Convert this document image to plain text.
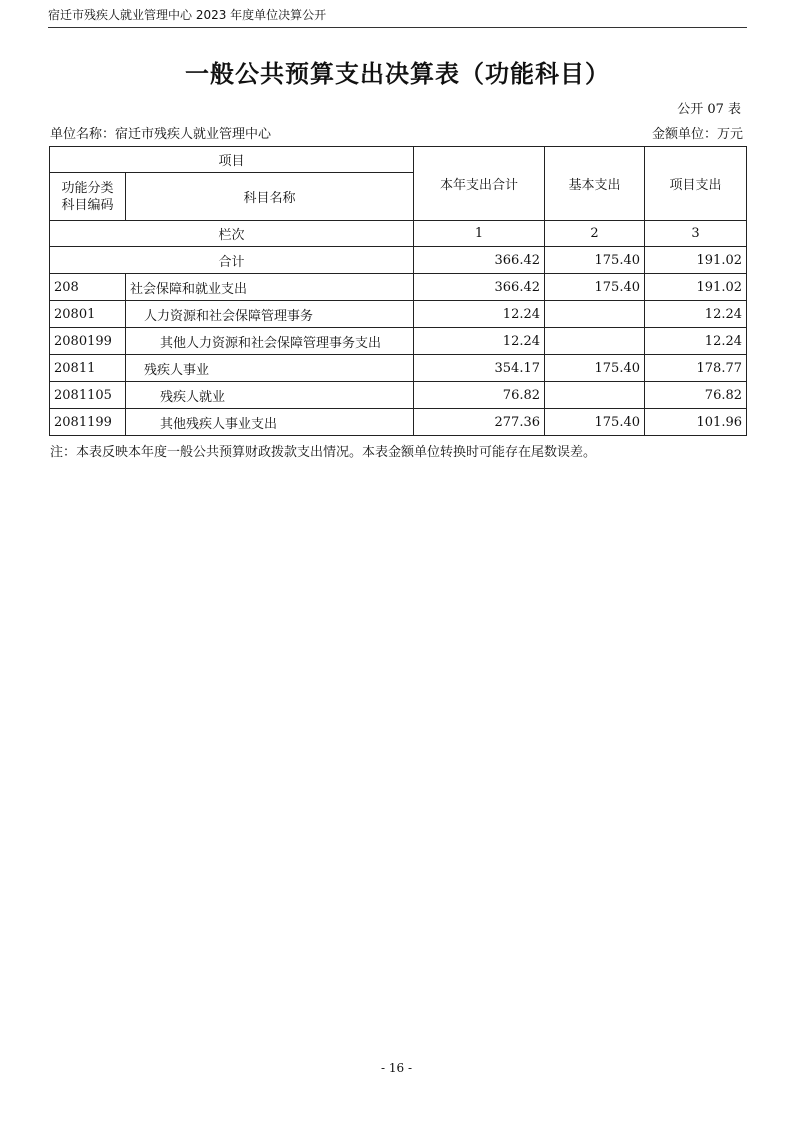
宿迁市残疾人就业管理中心 2023 年度单位决算公开
一般公共预算支出决算表（功能科目）
公开 07 表
单位名称：宿迁市残疾人就业管理中心	金额单位：万元
项目		本年支出合计	基本支出	项目支出
功能分类
科目编码	科目名称			
栏次		1	2	3
合计		366.42	175.40	191.02
208	社会保障和就业支出	366.42	175.40	191.02
20801	人力资源和社会保障管理事务	12.24		12.24
2080199	其他人力资源和社会保障管理事务支出	12.24		12.24
20811	残疾人事业	354.17	175.40	178.77
2081105	残疾人就业	76.82		76.82
2081199	其他残疾人事业支出	277.36	175.40	101.96
注：本表反映本年度一般公共预算财政拨款支出情况。本表金额单位转换时可能存在尾数误差。
- 16 -
